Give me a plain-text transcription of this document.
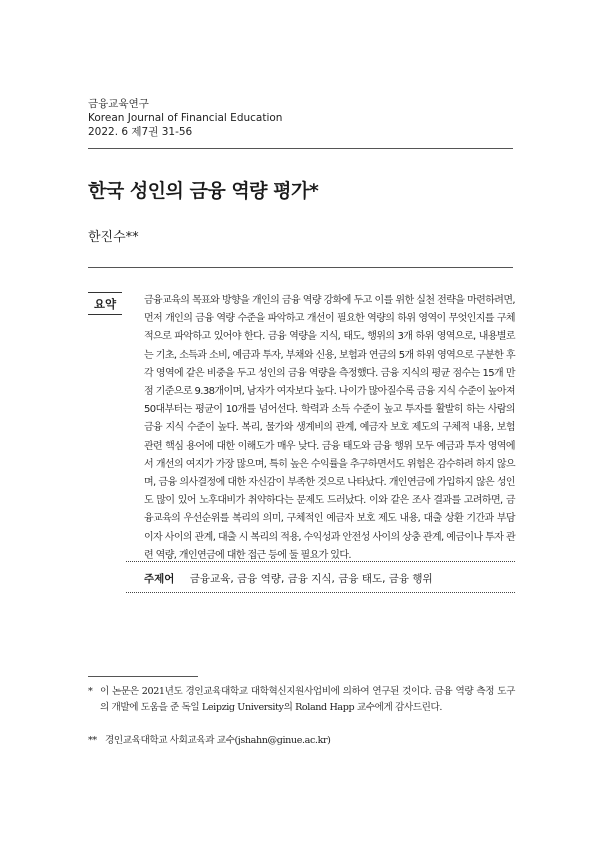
금융교육연구
Korean Journal of Financial Education
2022. 6 제7권 31-56
한국 성인의 금융 역량 평가*
한진수**
요약	금융교육의 목표와 방향을 개인의 금융 역량 강화에 두고 이를 위한 실천 전략을 마련하려면, 먼저 개인의 금융 역량 수준을 파악하고 개선이 필요한 역량의 하위 영역이 무엇인지를 구체적으로 파악하고 있어야 한다. 금융 역량을 지식, 태도, 행위의 3개 하위 영역으로, 내용별로는 기초, 소득과 소비, 예금과 투자, 부채와 신용, 보험과 연금의 5개 하위 영역으로 구분한 후 각 영역에 같은 비중을 두고 성인의 금융 역량을 측정했다. 금융 지식의 평균 점수는 15개 만점 기준으로 9.38개이며, 남자가 여자보다 높다. 나이가 많아질수록 금융 지식 수준이 높아져 50대부터는 평균이 10개를 넘어선다. 학력과 소득 수준이 높고 투자를 활발히 하는 사람의 금융 지식 수준이 높다. 복리, 물가와 생계비의 관계, 예금자 보호 제도의 구체적 내용, 보험 관련 핵심 용어에 대한 이해도가 매우 낮다. 금융 태도와 금융 행위 모두 예금과 투자 영역에서 개선의 여지가 가장 많으며, 특히 높은 수익률을 추구하면서도 위험은 감수하려 하지 않으며, 금융 의사결정에 대한 자신감이 부족한 것으로 나타났다. 개인연금에 가입하지 않은 성인도 많이 있어 노후대비가 취약하다는 문제도 드러났다. 이와 같은 조사 결과를 고려하면, 금융교육의 우선순위를 복리의 의미, 구체적인 예금자 보호 제도 내용, 대출 상환 기간과 부담 이자 사이의 관계, 대출 시 복리의 적용, 수익성과 안전성 사이의 상충 관계, 예금이나 투자 관련 역량, 개인연금에 대한 접근 등에 둘 필요가 있다.
주제어 금융교육, 금융 역량, 금융 지식, 금융 태도, 금융 행위
* 이 논문은 2021년도 경인교육대학교 대학혁신지원사업비에 의하여 연구된 것이다. 금융 역량 측정 도구의 개발에 도움을 준 독일 Leipzig University의 Roland Happ 교수에게 감사드린다.
** 경인교육대학교 사회교육과 교수(jshahn@ginue.ac.kr)
